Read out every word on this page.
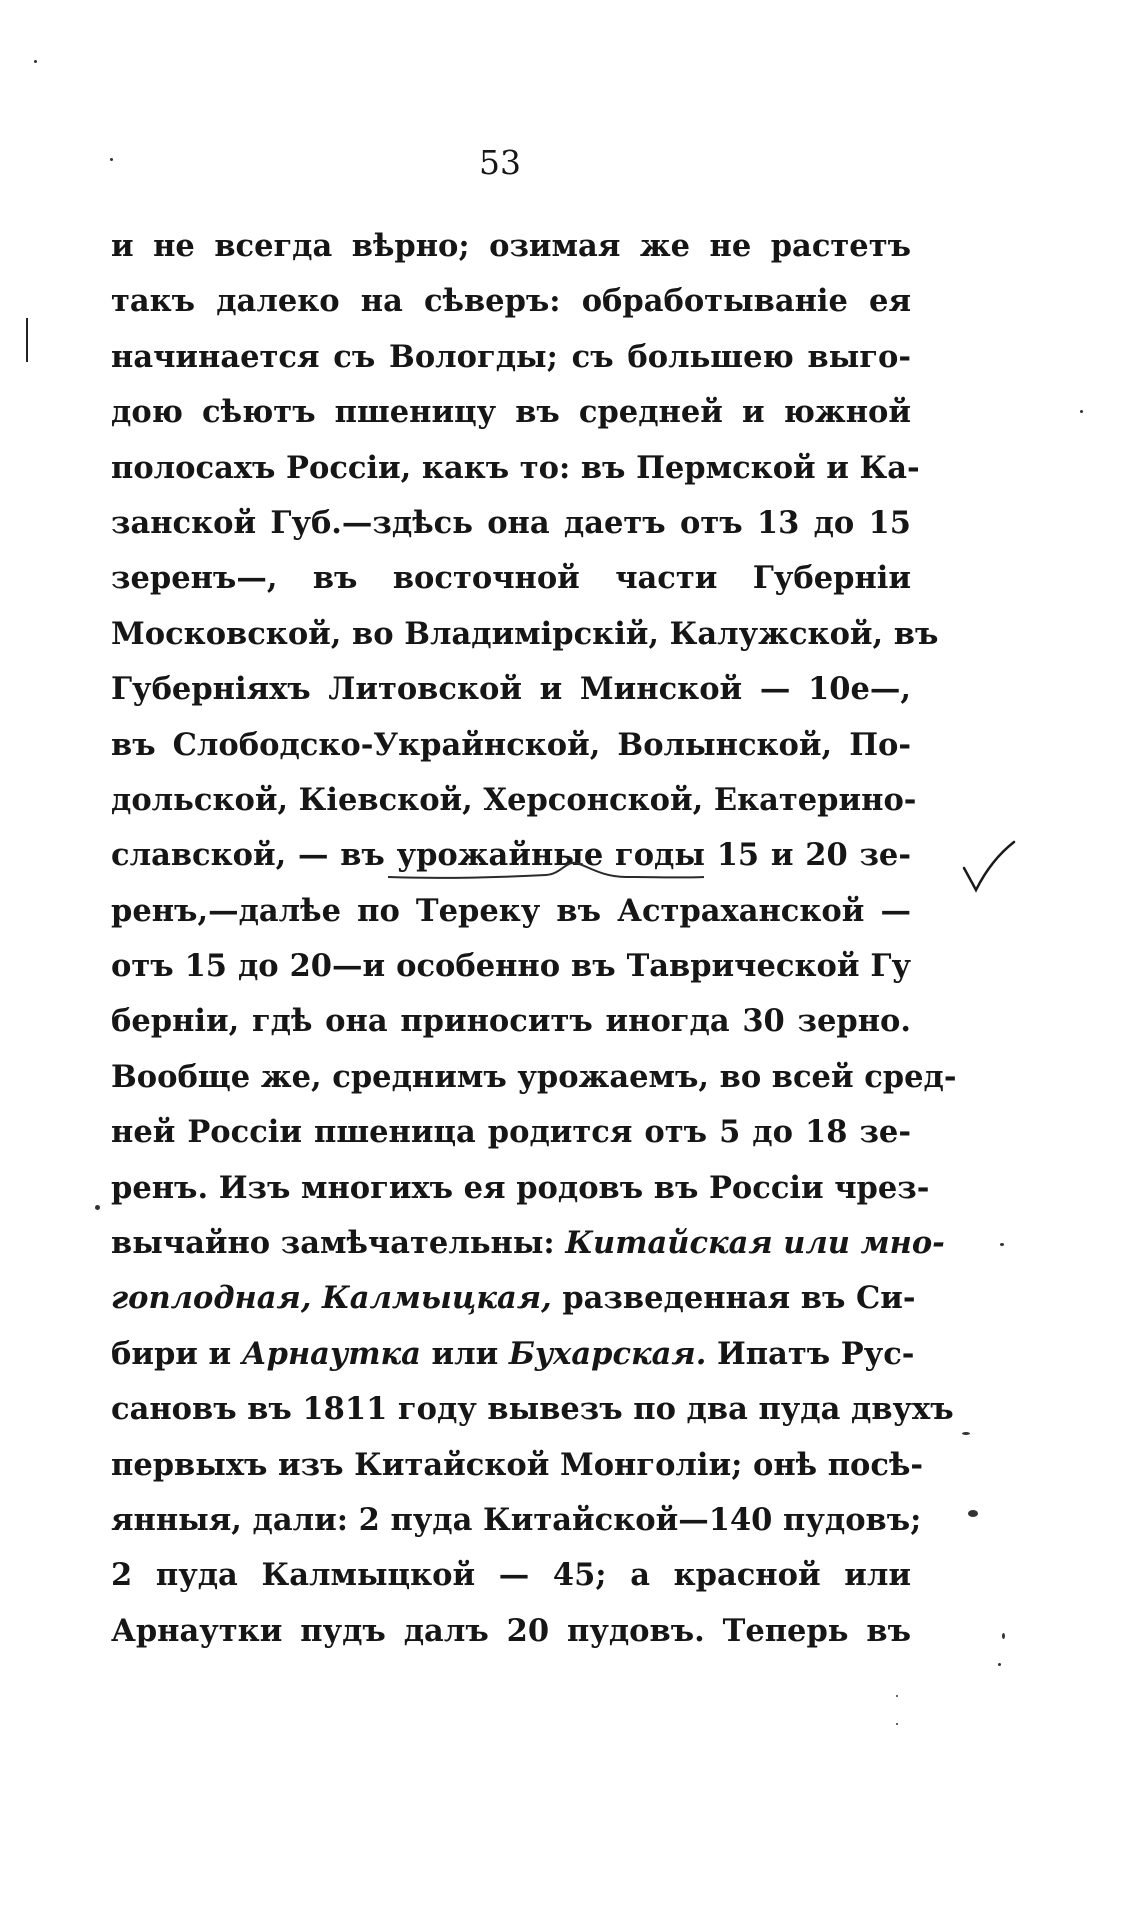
53
и не всегда вѣрно; озимая же не растетъ
такъ далеко на сѣверъ: обработываніе ея
начинается съ Вологды; съ большею выго-
дою сѣютъ пшеницу въ средней и южной
полосахъ Россіи, какъ то: въ Пермской и Ка-
занской Губ.—здѣсь она даетъ отъ 13 до 15
зеренъ—, въ восточной части Губерніи
Московской, во Владимірскій, Калужской, въ
Губерніяхъ Литовской и Минской — 10е—,
въ Слободско-Украйнской, Волынской, По-
дольской, Кіевской, Херсонской, Екатерино-
славской, — въ урожайные годы 15 и 20 зе-
ренъ,—далѣе по Тереку въ Астраханской —
отъ 15 до 20—и особенно въ Таврической Гу
берніи, гдѣ она приноситъ иногда 30 зерно.
Вообще же, среднимъ урожаемъ, во всей сред-
ней Россіи пшеница родится отъ 5 до 18 зе-
ренъ. Изъ многихъ ея родовъ въ Россіи чрез-
вычайно замѣчательны: Китайская или мно-
гоплодная, Калмыцкая, разведенная въ Си-
бири и Арнаутка или Бухарская. Ипатъ Рус-
сановъ въ 1811 году вывезъ по два пуда двухъ
первыхъ изъ Китайской Монголіи; онѣ посѣ-
янныя, дали: 2 пуда Китайской—140 пудовъ;
2 пуда Калмыцкой — 45; а красной или
Арнаутки пудъ далъ 20 пудовъ. Теперь въ
